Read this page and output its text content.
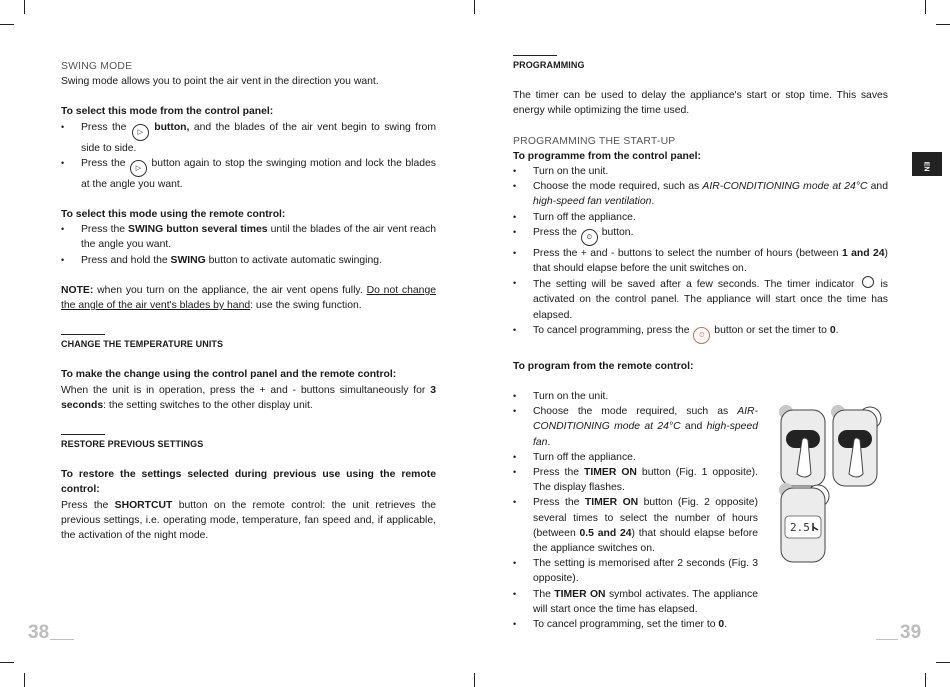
SWING MODE

Swing mode allows you to point the air vent in the direction you want.

To select this mode from the control panel:

• Press the ▷ button, and the blades of the air vent begin to swing from side to side.
• Press the ▷ button again to stop the swinging motion and lock the blades at the angle you want.

To select this mode using the remote control:

• Press the SWING button several times until the blades of the air vent reach the angle you want.
• Press and hold the SWING button to activate automatic swinging.

NOTE: when you turn on the appliance, the air vent opens fully. Do not change the angle of the air vent's blades by hand: use the swing function.

CHANGE THE TEMPERATURE UNITS

To make the change using the control panel and the remote control:

When the unit is in operation, press the + and - buttons simultaneously for 3 seconds: the setting switches to the other display unit.

RESTORE PREVIOUS SETTINGS

To restore the settings selected during previous use using the remote control:

Press the SHORTCUT button on the remote control: the unit retrieves the previous settings, i.e. operating mode, temperature, fan speed and, if applicable, the activation of the night mode.

38

PROGRAMMING

The timer can be used to delay the appliance's start or stop time. This saves energy while optimizing the time used.

PROGRAMMING THE START-UP

To programme from the control panel:

• Turn on the unit.
• Choose the mode required, such as AIR-CONDITIONING mode at 24°C and high-speed fan ventilation.
• Turn off the appliance.
• Press the ⏲ button.
• Press the + and - buttons to select the number of hours (between 1 and 24) that should elapse before the unit switches on.
• The setting will be saved after a few seconds. The timer indicator	is activated on the control panel. The appliance will start once the time has elapsed.
• To cancel programming, press the ⏲ button or set the timer to 0.

To program from the remote control:

• Turn on the unit.
• Choose the mode required, such as AIR-CONDITIONING mode at 24°C and high-speed fan.
• Turn off the appliance.
• Press the TIMER ON button (Fig. 1 opposite). The display flashes.
• Press the TIMER ON button (Fig. 2 opposite) several times to select the number of hours (between 0.5 and 24) that should elapse before the appliance switches on.
• The setting is memorised after 2 seconds (Fig. 3 opposite).
• The TIMER ON symbol activates. The appliance will start once the time has elapsed.
• To cancel programming, set the timer to 0.
2.5
EN
39
